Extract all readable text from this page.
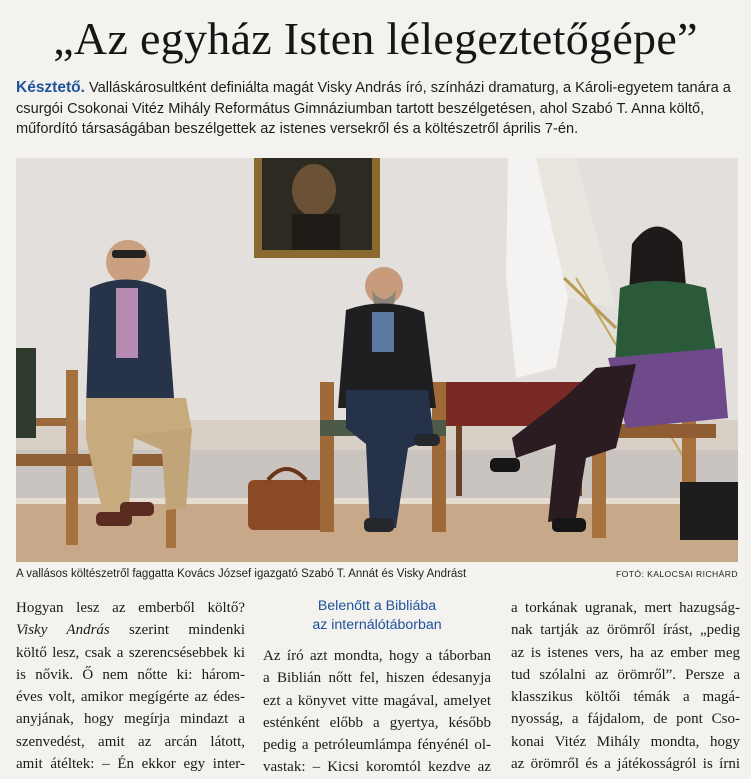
„Az egyház Isten lélegeztetőgépe”
Késztető. Valláskárosultként definiálta magát Visky András író, színházi dramaturg, a Károli-egyetem tanára a csurgói Csokonai Vitéz Mihály Református Gimnáziumban tartott beszélgetésen, ahol Szabó T. Anna költő, műfordító társaságában beszélgettek az istenes versekről és a költészetről április 7-én.
A vallásos költészetről faggatta Kovács József igazgató Szabó T. Annát és Visky Andrást	FOTÓ: KALOCSAI RICHÁRD
Hogyan lesz az emberből költő?
Visky András szerint mindenki
költő lesz, csak a szerencsésebbek ki
is nővik. Ő nem nőtte ki: három-
éves volt, amikor megígérte az édes-
anyjának, hogy megírja mindazt a
szenvedést, amit az arcán látott,
amit átéltek: – Én ekkor egy inter-
Belenőtt a Bibliába
az internálótáborban
Az író azt mondta, hogy a táborban
a Biblián nőtt fel, hiszen édesanyja
ezt a könyvet vitte magával, amelyet
esténként előbb a gyertya, később
pedig a petróleumlámpa fényénél ol-
vastak: – Kicsi koromtól kezdve az
a torkának ugranak, mert hazugság-
nak tartják az örömről írást, „pedig
az is istenes vers, ha az ember meg
tud szólalni az örömről”. Persze a
klasszikus költői témák a magá-
nyosság, a fájdalom, de pont Cso-
konai Vitéz Mihály mondta, hogy
az örömről és a játékosságról is írni
